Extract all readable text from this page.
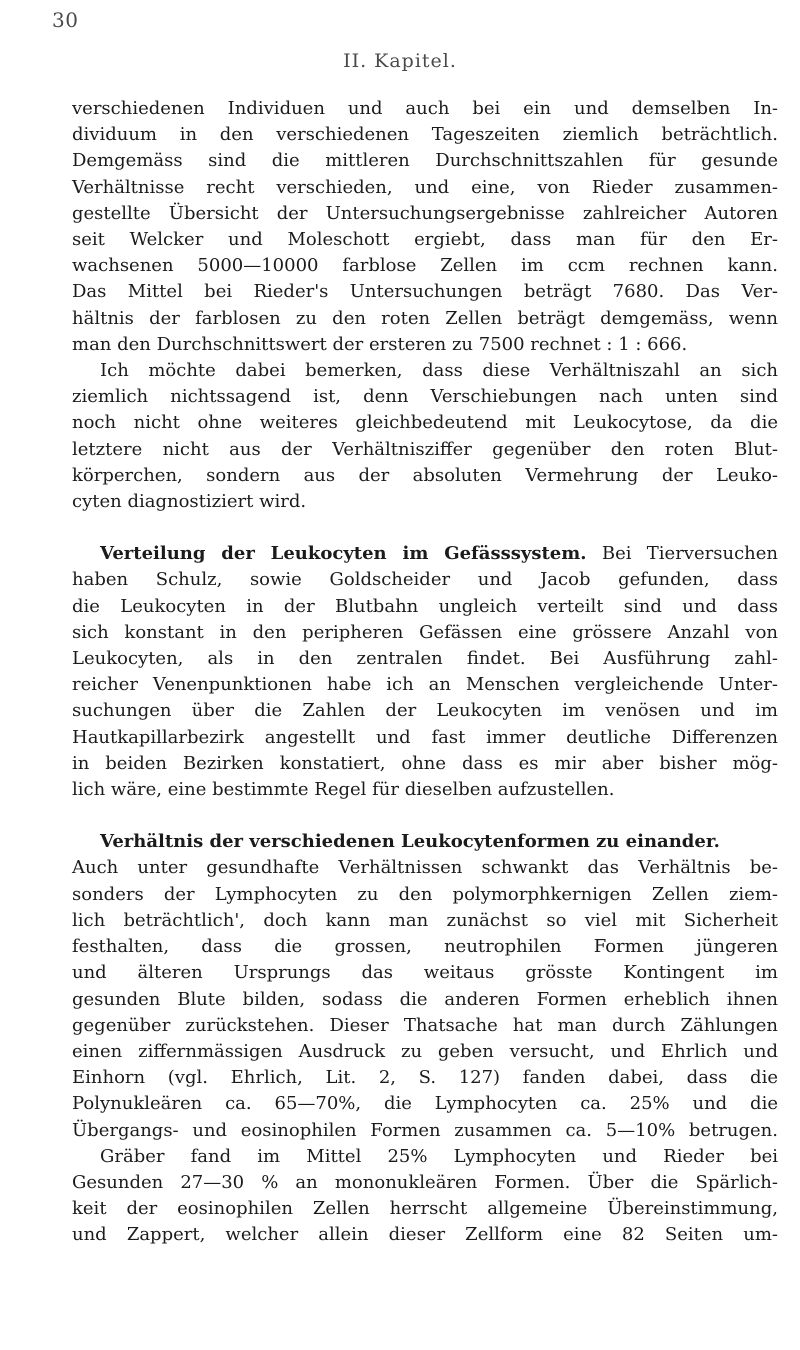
30
II. Kapitel.

verschiedenen Individuen und auch bei ein und demselben In-

dividuum in den verschiedenen Tageszeiten ziemlich beträchtlich.

Demgemäss sind die mittleren Durchschnittszahlen für gesunde

Verhältnisse recht verschieden, und eine, von Rieder zusammen-

gestellte Übersicht der Untersuchungsergebnisse zahlreicher Autoren

seit Welcker und Moleschott ergiebt, dass man für den Er-

wachsenen 5000—10000 farblose Zellen im ccm rechnen kann.

Das Mittel bei Rieder's Untersuchungen beträgt 7680. Das Ver-

hältnis der farblosen zu den roten Zellen beträgt demgemäss, wenn

man den Durchschnittswert der ersteren zu 7500 rechnet : 1 : 666.

Ich möchte dabei bemerken, dass diese Verhältniszahl an sich

ziemlich nichtssagend ist, denn Verschiebungen nach unten sind

noch nicht ohne weiteres gleichbedeutend mit Leukocytose, da die

letztere nicht aus der Verhältnisziffer gegenüber den roten Blut-

körperchen, sondern aus der absoluten Vermehrung der Leuko-

cyten diagnostiziert wird.

Verteilung der Leukocyten im Gefässsystem. Bei Tierversuchen

haben Schulz, sowie Goldscheider und Jacob gefunden, dass

die Leukocyten in der Blutbahn ungleich verteilt sind und dass

sich konstant in den peripheren Gefässen eine grössere Anzahl von

Leukocyten, als in den zentralen findet. Bei Ausführung zahl-

reicher Venenpunktionen habe ich an Menschen vergleichende Unter-

suchungen über die Zahlen der Leukocyten im venösen und im

Hautkapillarbezirk angestellt und fast immer deutliche Differenzen

in beiden Bezirken konstatiert, ohne dass es mir aber bisher mög-

lich wäre, eine bestimmte Regel für dieselben aufzustellen.

Verhältnis der verschiedenen Leukocytenformen zu einander.

Auch unter gesundhafte Verhältnissen schwankt das Verhältnis be-

sonders der Lymphocyten zu den polymorphkernigen Zellen ziem-

lich beträchtlich', doch kann man zunächst so viel mit Sicherheit

festhalten, dass die grossen, neutrophilen Formen jüngeren

und älteren Ursprungs das weitaus grösste Kontingent im

gesunden Blute bilden, sodass die anderen Formen erheblich ihnen

gegenüber zurückstehen. Dieser Thatsache hat man durch Zählungen

einen ziffernmässigen Ausdruck zu geben versucht, und Ehrlich und

Einhorn (vgl. Ehrlich, Lit. 2, S. 127) fanden dabei, dass die

Polynukleären ca. 65—70%, die Lymphocyten ca. 25% und die

Übergangs- und eosinophilen Formen zusammen ca. 5—10% betrugen.

Gräber fand im Mittel 25% Lymphocyten und Rieder bei

Gesunden 27—30 % an mononukleären Formen. Über die Spärlich-

keit der eosinophilen Zellen herrscht allgemeine Übereinstimmung,

und Zappert, welcher allein dieser Zellform eine 82 Seiten um-
